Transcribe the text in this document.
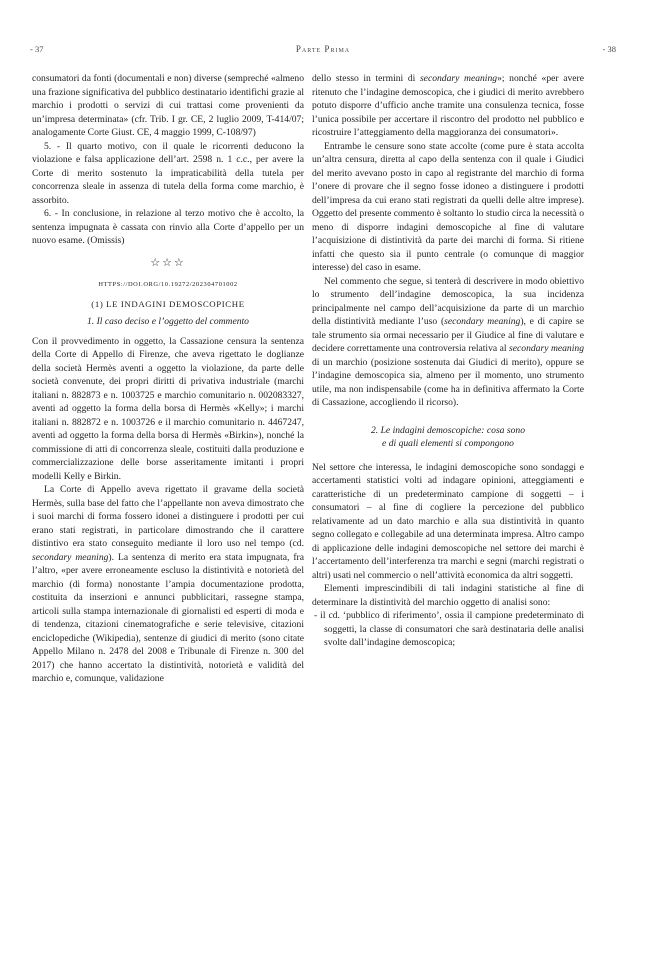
- 37	Parte Prima	- 38

consumatori da fonti (documentali e non) diverse (sempreché «almeno una frazione significativa del pubblico destinatario identifichi grazie al marchio i prodotti o servizi di cui trattasi come provenienti da un’impresa determinata» (cfr. Trib. I gr. CE, 2 luglio 2009, T-414/07; analogamente Corte Giust. CE, 4 maggio 1999, C-108/97)

5. - Il quarto motivo, con il quale le ricorrenti deducono la violazione e falsa applicazione dell’art. 2598 n. 1 c.c., per avere la Corte di merito sostenuto la impraticabilità della tutela per concorrenza sleale in assenza di tutela della forma come marchio, è assorbito.

6. - In conclusione, in relazione al terzo motivo che è accolto, la sentenza impugnata è cassata con rinvio alla Corte d’appello per un nuovo esame. (Omissis)

☆☆☆
HTTPS://DOI.ORG/10.19272/202304701002
(1) LE INDAGINI DEMOSCOPICHE
1. Il caso deciso e l’oggetto del commento

Con il provvedimento in oggetto, la Cassazione censura la sentenza della Corte di Appello di Firenze, che aveva rigettato le doglianze della società Hermès aventi a oggetto la violazione, da parte delle società convenute, dei propri diritti di privativa industriale (marchi italiani n. 882873 e n. 1003725 e marchio comunitario n. 002083327, aventi ad oggetto la forma della borsa di Hermès «Kelly»; i marchi italiani n. 882872 e n. 1003726 e il marchio comunitario n. 4467247, aventi ad oggetto la forma della borsa di Hermès «Birkin»), nonché la commissione di atti di concorrenza sleale, costituiti dalla produzione e commercializzazione delle borse asseritamente imitanti i propri modelli Kelly e Birkin.

La Corte di Appello aveva rigettato il gravame della società Hermès, sulla base del fatto che l’appellante non aveva dimostrato che i suoi marchi di forma fossero idonei a distinguere i prodotti per cui erano stati registrati, in particolare dimostrando che il carattere distintivo era stato conseguito mediante il loro uso nel tempo (cd. secondary meaning). La sentenza di merito era stata impugnata, fra l’altro, «per avere erroneamente escluso la distintività e notorietà del marchio (di forma) nonostante l’ampia documentazione prodotta, costituita da inserzioni e annunci pubblicitari, rassegne stampa, articoli sulla stampa internazionale di giornalisti ed esperti di moda e di tendenza, citazioni cinematografiche e serie televisive, citazioni enciclopediche (Wikipedia), sentenze di giudici di merito (sono citate Appello Milano n. 2478 del 2008 e Tribunale di Firenze n. 300 del 2017) che hanno accertato la distintività, notorietà e validità del marchio e, comunque, validazione

dello stesso in termini di secondary meaning»; nonché «per avere ritenuto che l’indagine demoscopica, che i giudici di merito avrebbero potuto disporre d’ufficio anche tramite una consulenza tecnica, fosse l’unica possibile per accertare il riscontro del prodotto nel pubblico e ricostruire l’atteggiamento della maggioranza dei consumatori».

Entrambe le censure sono state accolte (come pure è stata accolta un’altra censura, diretta al capo della sentenza con il quale i Giudici del merito avevano posto in capo al registrante del marchio di forma l’onere di provare che il segno fosse idoneo a distinguere i prodotti dell’impresa da cui erano stati registrati da quelli delle altre imprese). Oggetto del presente commento è soltanto lo studio circa la necessità o meno di disporre indagini demoscopiche al fine di valutare l’acquisizione di distintività da parte dei marchi di forma. Si ritiene infatti che questo sia il punto centrale (o comunque di maggior interesse) del caso in esame.

Nel commento che segue, si tenterà di descrivere in modo obiettivo lo strumento dell’indagine demoscopica, la sua incidenza principalmente nel campo dell’acquisizione da parte di un marchio della distintività mediante l’uso (secondary meaning), e di capire se tale strumento sia ormai necessario per il Giudice al fine di valutare e decidere correttamente una controversia relativa al secondary meaning di un marchio (posizione sostenuta dai Giudici di merito), oppure se l’indagine demoscopica sia, almeno per il momento, uno strumento utile, ma non indispensabile (come ha in definitiva affermato la Corte di Cassazione, accogliendo il ricorso).

2. Le indagini demoscopiche: cosa sono
e di quali elementi si compongono

Nel settore che interessa, le indagini demoscopiche sono sondaggi e accertamenti statistici volti ad indagare opinioni, atteggiamenti e caratteristiche di un predeterminato campione di soggetti – i consumatori – al fine di cogliere la percezione del pubblico relativamente ad un dato marchio e alla sua distintività in quanto segno collegato e collegabile ad una determinata impresa. Altro campo di applicazione delle indagini demoscopiche nel settore dei marchi è l’accertamento dell’interferenza tra marchi e segni (marchi registrati o altri) usati nel commercio o nell’attività economica da altri soggetti.

Elementi imprescindibili di tali indagini statistiche al fine di determinare la distintività del marchio oggetto di analisi sono:

- il cd. ‘pubblico di riferimento’, ossia il campione predeterminato di soggetti, la classe di consumatori che sarà destinataria delle analisi svolte dall’indagine demoscopica;
